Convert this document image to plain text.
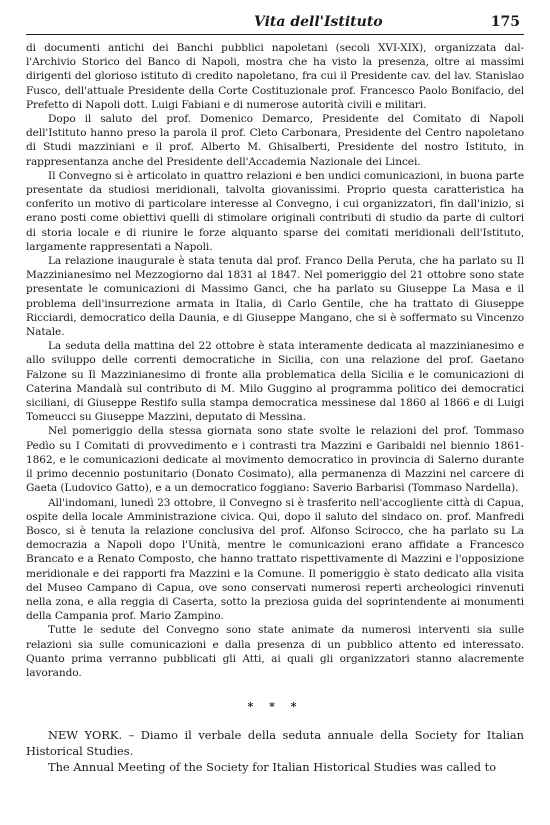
Vita dell'Istituto	175

di documenti antichi dei Banchi pubblici napoletani (secoli XVI-XIX), organizzata dal-l'Archivio Storico del Banco di Napoli, mostra che ha visto la presenza, oltre ai massimi dirigenti del glorioso istituto di credito napoletano, fra cui il Presidente cav. del lav. Stanislao Fusco, dell'attuale Presidente della Corte Costituzionale prof. Francesco Paolo Bonifacio, del Prefetto di Napoli dott. Luigi Fabiani e di numerose autorità civili e militari.

Dopo il saluto del prof. Domenico Demarco, Presidente del Comitato di Napoli dell'Istituto hanno preso la parola il prof. Cleto Carbonara, Presidente del Centro napoletano di Studi mazziniani e il prof. Alberto M. Ghisalberti, Presidente del nostro Istituto, in rappresentanza anche del Presidente dell'Accademia Nazionale dei Lincei.

Il Convegno si è articolato in quattro relazioni e ben undici comunicazioni, in buona parte presentate da studiosi meridionali, talvolta giovanissimi. Proprio questa caratteristica ha conferito un motivo di particolare interesse al Convegno, i cui organizzatori, fin dall'inizio, si erano posti come obiettivi quelli di stimolare originali contributi di studio da parte di cultori di storia locale e di riunire le forze alquanto sparse dei comitati meridionali dell'Istituto, largamente rappresentati a Napoli.

La relazione inaugurale è stata tenuta dal prof. Franco Della Peruta, che ha parlato su Il Mazzinianesimo nel Mezzogiorno dal 1831 al 1847. Nel pomeriggio del 21 ottobre sono state presentate le comunicazioni di Massimo Ganci, che ha parlato su Giuseppe La Masa e il problema dell'insurrezione armata in Italia, di Carlo Gentile, che ha trattato di Giuseppe Ricciardi, democratico della Daunia, e di Giuseppe Mangano, che si è soffermato su Vincenzo Natale.

La seduta della mattina del 22 ottobre è stata interamente dedicata al mazzinianesimo e allo sviluppo delle correnti democratiche in Sicilia, con una relazione del prof. Gaetano Falzone su Il Mazzinianesimo di fronte alla problematica della Sicilia e le comunicazioni di Caterina Mandalà sul contributo di M. Milo Guggino al programma politico dei democratici siciliani, di Giuseppe Restifo sulla stampa democratica messinese dal 1860 al 1866 e di Luigi Tomeucci su Giuseppe Mazzini, deputato di Messina.

Nel pomeriggio della stessa giornata sono state svolte le relazioni del prof. Tommaso Pedìo su I Comitati di provvedimento e i contrasti tra Mazzini e Garibaldi nel biennio 1861-1862, e le comunicazioni dedicate al movimento democratico in provincia di Salerno durante il primo decennio postunitario (Donato Cosimato), alla permanenza di Mazzini nel carcere di Gaeta (Ludovico Gatto), e a un democratico foggiano: Saverio Barbarisi (Tommaso Nardella).

All'indomani, lunedì 23 ottobre, il Convegno si è trasferito nell'accogliente città di Capua, ospite della locale Amministrazione civica. Qui, dopo il saluto del sindaco on. prof. Manfredi Bosco, si è tenuta la relazione conclusiva del prof. Alfonso Scirocco, che ha parlato su La democrazia a Napoli dopo l'Unità, mentre le comunicazioni erano affidate a Francesco Brancato e a Renato Composto, che hanno trattato rispettivamente di Mazzini e l'opposizione meridionale e dei rapporti fra Mazzini e la Comune. Il pomeriggio è stato dedicato alla visita del Museo Campano di Capua, ove sono conservati numerosi reperti archeologici rinvenuti nella zona, e alla reggia di Caserta, sotto la preziosa guida del soprintendente ai monumenti della Campania prof. Mario Zampino.

Tutte le sedute del Convegno sono state animate da numerosi interventi sia sulle relazioni sia sulle comunicazioni e dalla presenza di un pubblico attento ed interessato. Quanto prima verranno pubblicati gli Atti, ai quali gli organizzatori stanno alacremente lavorando.

* * *

NEW YORK. – Diamo il verbale della seduta annuale della Society for Italian Historical Studies.

The Annual Meeting of the Society for Italian Historical Studies was called to
